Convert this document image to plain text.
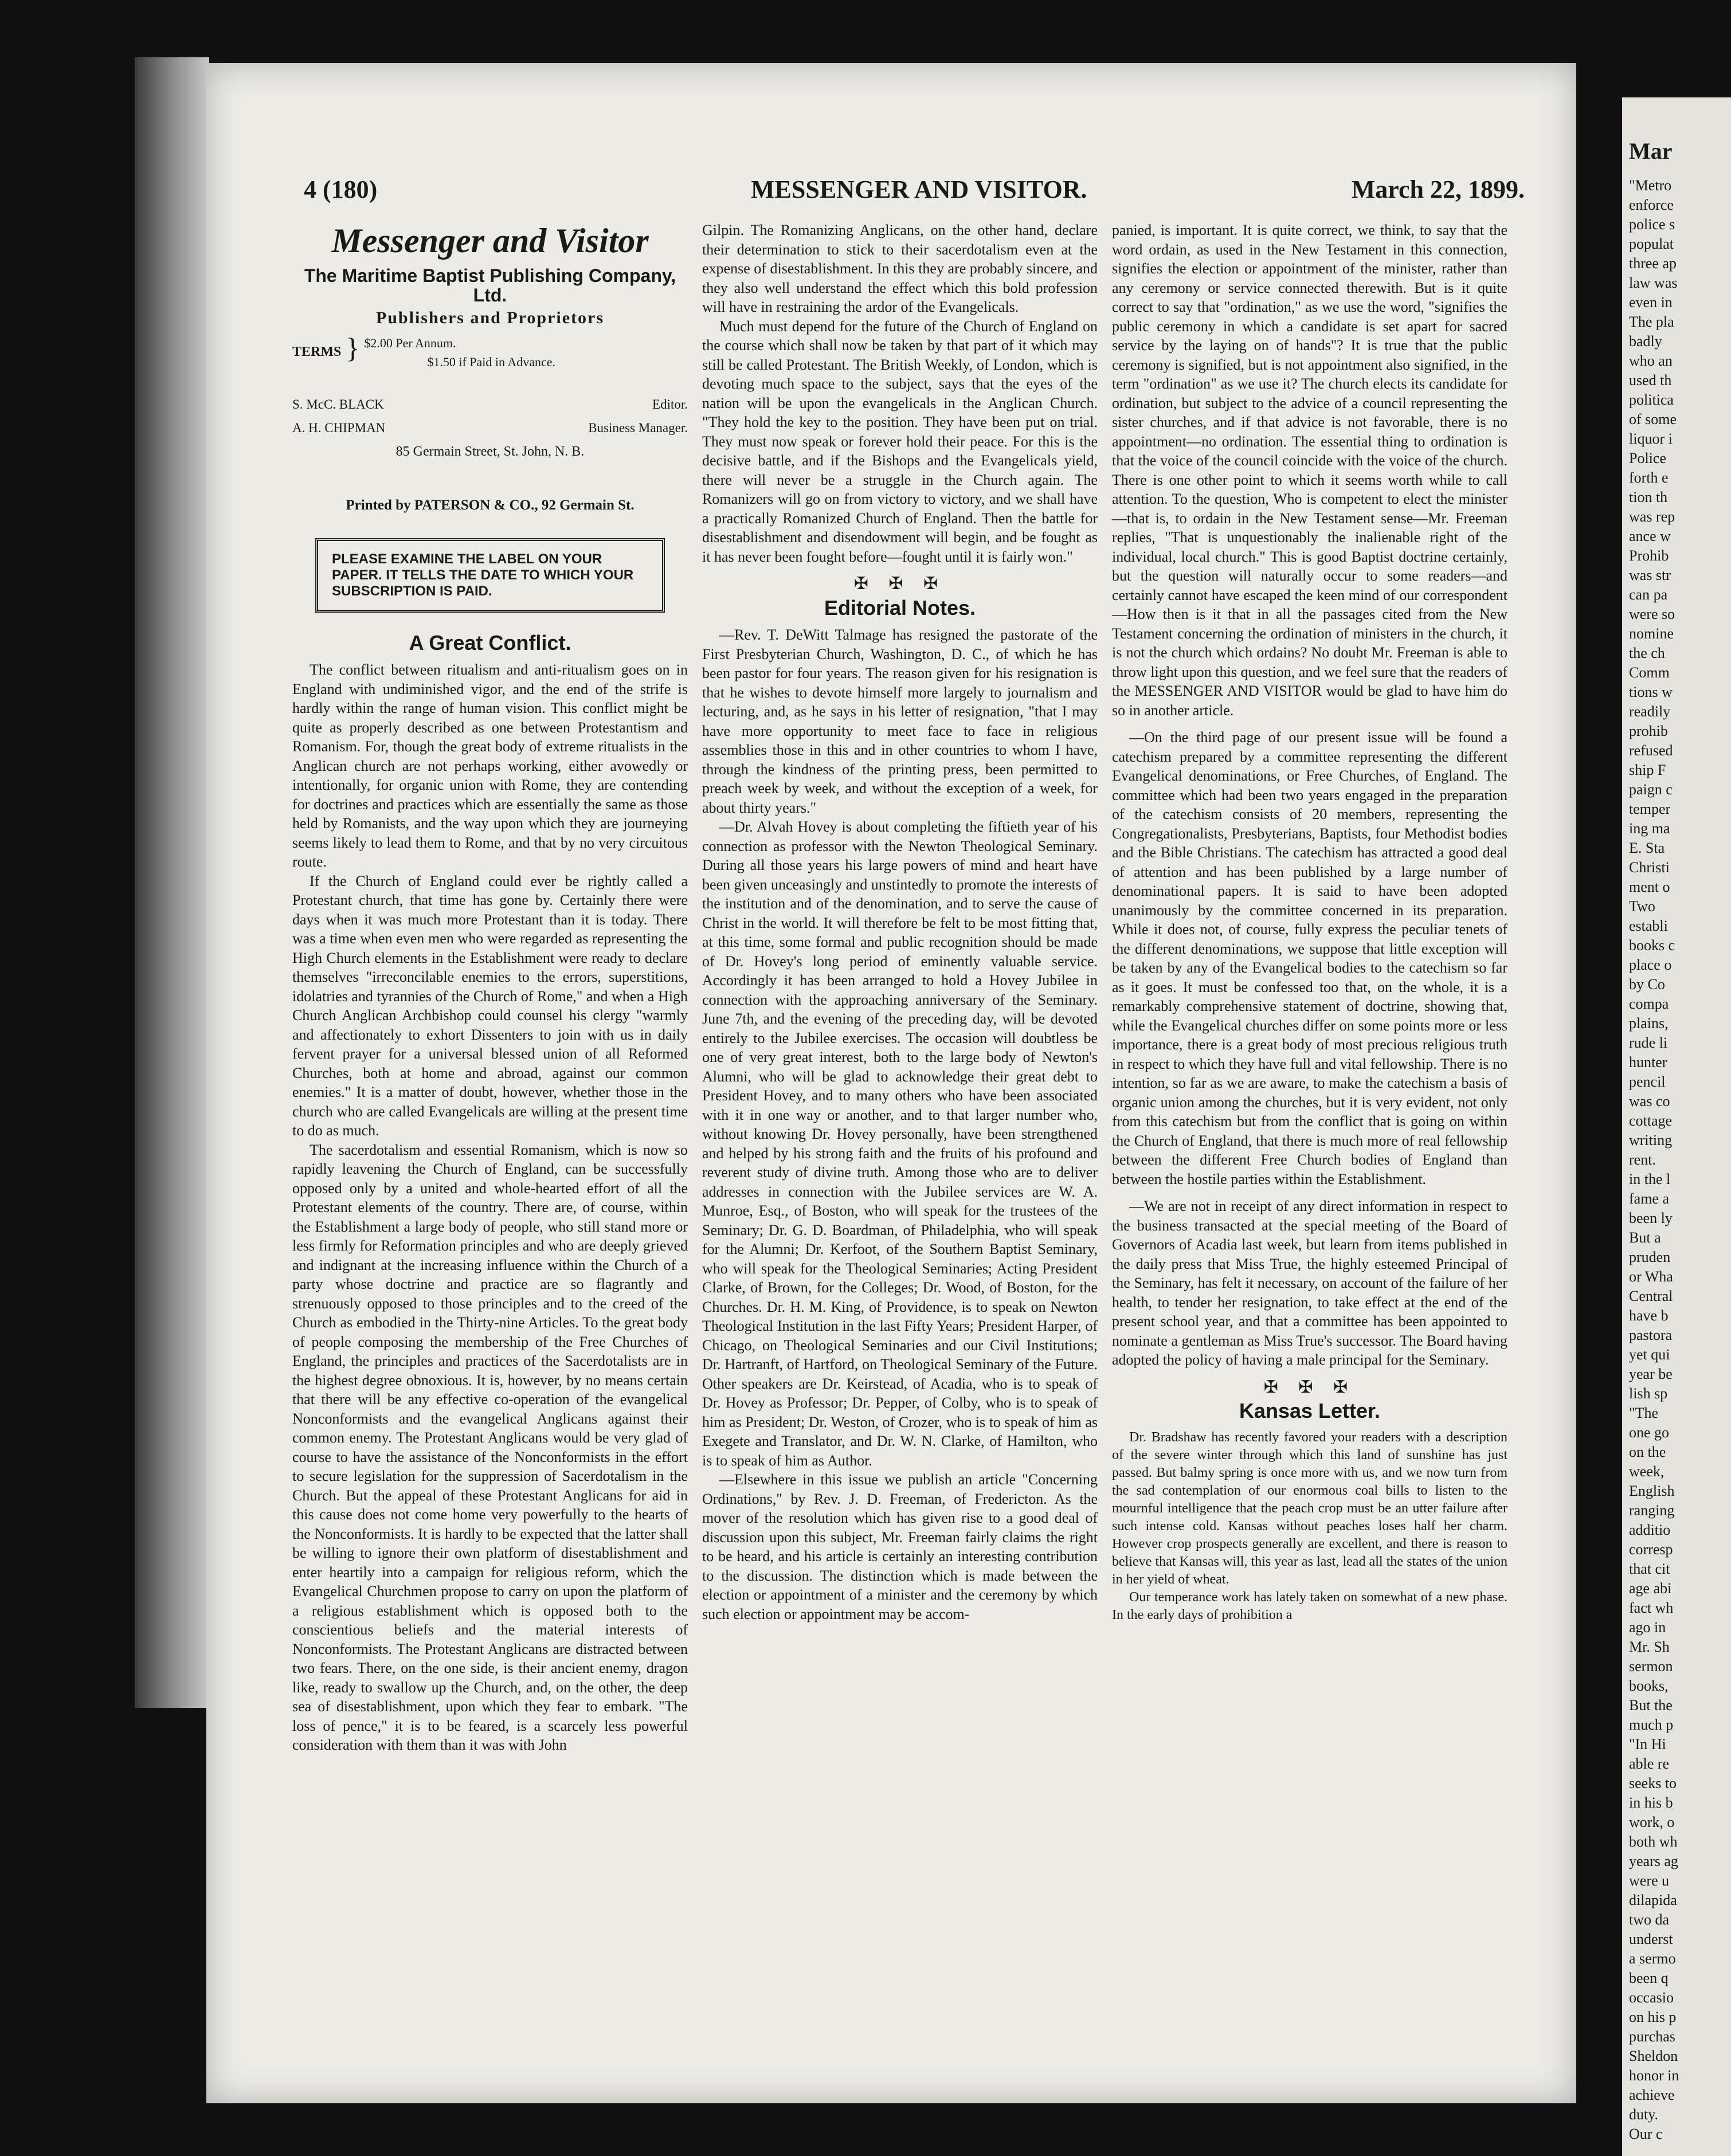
4 (180)	MESSENGER AND VISITOR.	March 22, 1899.
Messenger and Visitor
The Maritime Baptist Publishing Company, Ltd.
Publishers and Proprietors
TERMS } $2.00 Per Annum.
$1.50 if Paid in Advance.
S. McC. BLACK	Editor.
A. H. CHIPMAN	Business Manager.
85 Germain Street, St. John, N. B.
Printed by PATERSON & CO., 92 Germain St.
PLEASE EXAMINE THE LABEL ON YOUR PAPER. IT TELLS THE DATE TO WHICH YOUR SUBSCRIPTION IS PAID.
A Great Conflict.

The conflict between ritualism and anti-ritualism goes on in England with undiminished vigor, and the end of the strife is hardly within the range of human vision. This conflict might be quite as properly described as one between Protestantism and Romanism. For, though the great body of extreme ritualists in the Anglican church are not perhaps working, either avowedly or intentionally, for organic union with Rome, they are contending for doctrines and practices which are essentially the same as those held by Romanists, and the way upon which they are journeying seems likely to lead them to Rome, and that by no very circuitous route.

If the Church of England could ever be rightly called a Protestant church, that time has gone by. Certainly there were days when it was much more Protestant than it is today. There was a time when even men who were regarded as representing the High Church elements in the Establishment were ready to declare themselves "irreconcilable enemies to the errors, superstitions, idolatries and tyrannies of the Church of Rome," and when a High Church Anglican Archbishop could counsel his clergy "warmly and affectionately to exhort Dissenters to join with us in daily fervent prayer for a universal blessed union of all Reformed Churches, both at home and abroad, against our common enemies." It is a matter of doubt, however, whether those in the church who are called Evangelicals are willing at the present time to do as much.

The sacerdotalism and essential Romanism, which is now so rapidly leavening the Church of England, can be successfully opposed only by a united and whole-hearted effort of all the Protestant elements of the country. There are, of course, within the Establishment a large body of people, who still stand more or less firmly for Reformation principles and who are deeply grieved and indignant at the increasing influence within the Church of a party whose doctrine and practice are so flagrantly and strenuously opposed to those principles and to the creed of the Church as embodied in the Thirty-nine Articles. To the great body of people composing the membership of the Free Churches of England, the principles and practices of the Sacerdotalists are in the highest degree obnoxious. It is, however, by no means certain that there will be any effective co-operation of the evangelical Nonconformists and the evangelical Anglicans against their common enemy. The Protestant Anglicans would be very glad of course to have the assistance of the Nonconformists in the effort to secure legislation for the suppression of Sacerdotalism in the Church. But the appeal of these Protestant Anglicans for aid in this cause does not come home very powerfully to the hearts of the Nonconformists. It is hardly to be expected that the latter shall be willing to ignore their own platform of disestablishment and enter heartily into a campaign for religious reform, which the Evangelical Churchmen propose to carry on upon the platform of a religious establishment which is opposed both to the conscientious beliefs and the material interests of Nonconformists. The Protestant Anglicans are distracted between two fears. There, on the one side, is their ancient enemy, dragon like, ready to swallow up the Church, and, on the other, the deep sea of disestablishment, upon which they fear to embark. "The loss of pence," it is to be feared, is a scarcely less powerful consideration with them than it was with John

Gilpin. The Romanizing Anglicans, on the other hand, declare their determination to stick to their sacerdotalism even at the expense of disestablishment. In this they are probably sincere, and they also well understand the effect which this bold profession will have in restraining the ardor of the Evangelicals.

Much must depend for the future of the Church of England on the course which shall now be taken by that part of it which may still be called Protestant. The British Weekly, of London, which is devoting much space to the subject, says that the eyes of the nation will be upon the evangelicals in the Anglican Church. "They hold the key to the position. They have been put on trial. They must now speak or forever hold their peace. For this is the decisive battle, and if the Bishops and the Evangelicals yield, there will never be a struggle in the Church again. The Romanizers will go on from victory to victory, and we shall have a practically Romanized Church of England. Then the battle for disestablishment and disendowment will begin, and be fought as it has never been fought before—fought until it is fairly won."

✠ ✠ ✠
Editorial Notes.

—Rev. T. DeWitt Talmage has resigned the pastorate of the First Presbyterian Church, Washington, D. C., of which he has been pastor for four years. The reason given for his resignation is that he wishes to devote himself more largely to journalism and lecturing, and, as he says in his letter of resignation, "that I may have more opportunity to meet face to face in religious assemblies those in this and in other countries to whom I have, through the kindness of the printing press, been permitted to preach week by week, and without the exception of a week, for about thirty years."

—Dr. Alvah Hovey is about completing the fiftieth year of his connection as professor with the Newton Theological Seminary. During all those years his large powers of mind and heart have been given unceasingly and unstintedly to promote the interests of the institution and of the denomination, and to serve the cause of Christ in the world. It will therefore be felt to be most fitting that, at this time, some formal and public recognition should be made of Dr. Hovey's long period of eminently valuable service. Accordingly it has been arranged to hold a Hovey Jubilee in connection with the approaching anniversary of the Seminary. June 7th, and the evening of the preceding day, will be devoted entirely to the Jubilee exercises. The occasion will doubtless be one of very great interest, both to the large body of Newton's Alumni, who will be glad to acknowledge their great debt to President Hovey, and to many others who have been associated with it in one way or another, and to that larger number who, without knowing Dr. Hovey personally, have been strengthened and helped by his strong faith and the fruits of his profound and reverent study of divine truth. Among those who are to deliver addresses in connection with the Jubilee services are W. A. Munroe, Esq., of Boston, who will speak for the trustees of the Seminary; Dr. G. D. Boardman, of Philadelphia, who will speak for the Alumni; Dr. Kerfoot, of the Southern Baptist Seminary, who will speak for the Theological Seminaries; Acting President Clarke, of Brown, for the Colleges; Dr. Wood, of Boston, for the Churches. Dr. H. M. King, of Providence, is to speak on Newton Theological Institution in the last Fifty Years; President Harper, of Chicago, on Theological Seminaries and our Civil Institutions; Dr. Hartranft, of Hartford, on Theological Seminary of the Future. Other speakers are Dr. Keirstead, of Acadia, who is to speak of Dr. Hovey as Professor; Dr. Pepper, of Colby, who is to speak of him as President; Dr. Weston, of Crozer, who is to speak of him as Exegete and Translator, and Dr. W. N. Clarke, of Hamilton, who is to speak of him as Author.

—Elsewhere in this issue we publish an article "Concerning Ordinations," by Rev. J. D. Freeman, of Fredericton. As the mover of the resolution which has given rise to a good deal of discussion upon this subject, Mr. Freeman fairly claims the right to be heard, and his article is certainly an interesting contribution to the discussion. The distinction which is made between the election or appointment of a minister and the ceremony by which such election or appointment may be accom-

panied, is important. It is quite correct, we think, to say that the word ordain, as used in the New Testament in this connection, signifies the election or appointment of the minister, rather than any ceremony or service connected therewith. But is it quite correct to say that "ordination," as we use the word, "signifies the public ceremony in which a candidate is set apart for sacred service by the laying on of hands"? It is true that the public ceremony is signified, but is not appointment also signified, in the term "ordination" as we use it? The church elects its candidate for ordination, but subject to the advice of a council representing the sister churches, and if that advice is not favorable, there is no appointment—no ordination. The essential thing to ordination is that the voice of the council coincide with the voice of the church. There is one other point to which it seems worth while to call attention. To the question, Who is competent to elect the minister—that is, to ordain in the New Testament sense—Mr. Freeman replies, "That is unquestionably the inalienable right of the individual, local church." This is good Baptist doctrine certainly, but the question will naturally occur to some readers—and certainly cannot have escaped the keen mind of our correspondent—How then is it that in all the passages cited from the New Testament concerning the ordination of ministers in the church, it is not the church which ordains? No doubt Mr. Freeman is able to throw light upon this question, and we feel sure that the readers of the MESSENGER AND VISITOR would be glad to have him do so in another article.

—On the third page of our present issue will be found a catechism prepared by a committee representing the different Evangelical denominations, or Free Churches, of England. The committee which had been two years engaged in the preparation of the catechism consists of 20 members, representing the Congregationalists, Presbyterians, Baptists, four Methodist bodies and the Bible Christians. The catechism has attracted a good deal of attention and has been published by a large number of denominational papers. It is said to have been adopted unanimously by the committee concerned in its preparation. While it does not, of course, fully express the peculiar tenets of the different denominations, we suppose that little exception will be taken by any of the Evangelical bodies to the catechism so far as it goes. It must be confessed too that, on the whole, it is a remarkably comprehensive statement of doctrine, showing that, while the Evangelical churches differ on some points more or less importance, there is a great body of most precious religious truth in respect to which they have full and vital fellowship. There is no intention, so far as we are aware, to make the catechism a basis of organic union among the churches, but it is very evident, not only from this catechism but from the conflict that is going on within the Church of England, that there is much more of real fellowship between the different Free Church bodies of England than between the hostile parties within the Establishment.

—We are not in receipt of any direct information in respect to the business transacted at the special meeting of the Board of Governors of Acadia last week, but learn from items published in the daily press that Miss True, the highly esteemed Principal of the Seminary, has felt it necessary, on account of the failure of her health, to tender her resignation, to take effect at the end of the present school year, and that a committee has been appointed to nominate a gentleman as Miss True's successor. The Board having adopted the policy of having a male principal for the Seminary.

✠ ✠ ✠
Kansas Letter.

Dr. Bradshaw has recently favored your readers with a description of the severe winter through which this land of sunshine has just passed. But balmy spring is once more with us, and we now turn from the sad contemplation of our enormous coal bills to listen to the mournful intelligence that the peach crop must be an utter failure after such intense cold. Kansas without peaches loses half her charm. However crop prospects generally are excellent, and there is reason to believe that Kansas will, this year as last, lead all the states of the union in her yield of wheat.

Our temperance work has lately taken on somewhat of a new phase. In the early days of prohibition a

Mar
"Metro
enforce
police s
populat
three ap
law was
even in
The pla
badly
who an
used th
politica
of some
liquor i
Police
forth e
tion th
was rep
ance w
Prohib
was str
can pa
were so
nomine
the ch
Comm
tions w
readily
prohib
refused
ship F
paign c
temper
ing ma
E. Sta
Christi
ment o
Two
establi
books c
place o
by Co
compa
plains,
rude li
hunter
pencil
was co
cottage
writing
rent.
in the l
fame a
been ly
But a
pruden
or Wha
Central
have b
pastora
yet qui
year be
lish sp
"The
one go
on the
week,
English
ranging
additio
corresp
that cit
age abi
fact wh
ago in
Mr. Sh
sermon
books,
But the
much p
"In Hi
able re
seeks to
in his b
work, o
both wh
years ag
were u
dilapida
two da
underst
a sermo
been q
occasio
on his p
purchas
Sheldon
honor in
achieve
duty.
Our c
